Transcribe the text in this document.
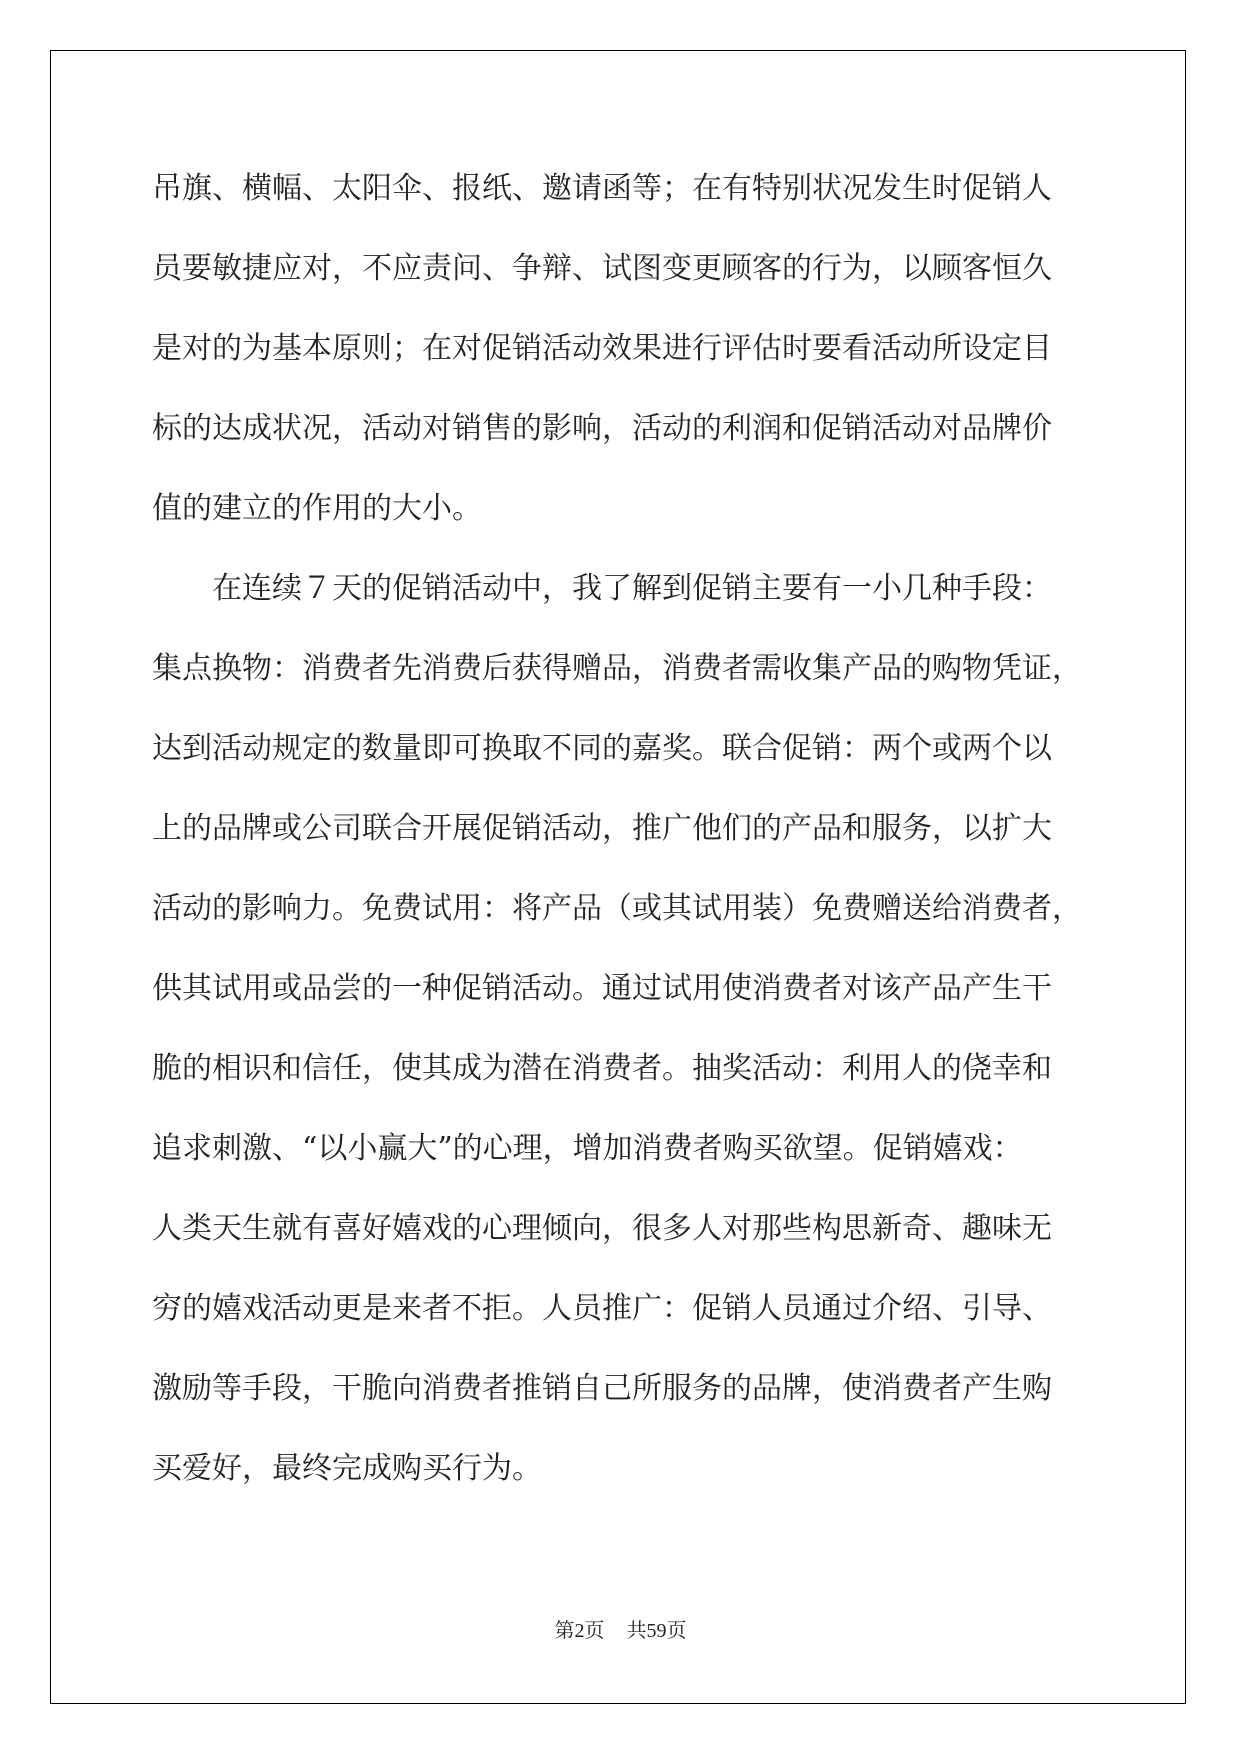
吊旗、横幅、太阳伞、报纸、邀请函等；在有特别状况发生时促销人
员要敏捷应对，不应责问、争辩、试图变更顾客的行为，以顾客恒久
是对的为基本原则；在对促销活动效果进行评估时要看活动所设定目
标的达成状况，活动对销售的影响，活动的利润和促销活动对品牌价
值的建立的作用的大小。
在连续７天的促销活动中，我了解到促销主要有一小几种手段：
集点换物：消费者先消费后获得赠品，消费者需收集产品的购物凭证，
达到活动规定的数量即可换取不同的嘉奖。联合促销：两个或两个以
上的品牌或公司联合开展促销活动，推广他们的产品和服务，以扩大
活动的影响力。免费试用：将产品（或其试用装）免费赠送给消费者，
供其试用或品尝的一种促销活动。通过试用使消费者对该产品产生干
脆的相识和信任，使其成为潜在消费者。抽奖活动：利用人的侥幸和
追求刺激、“以小赢大”的心理，增加消费者购买欲望。促销嬉戏：
人类天生就有喜好嬉戏的心理倾向，很多人对那些构思新奇、趣味无
穷的嬉戏活动更是来者不拒。人员推广：促销人员通过介绍、引导、
激励等手段，干脆向消费者推销自己所服务的品牌，使消费者产生购
买爱好，最终完成购买行为。
第2页 共59页
